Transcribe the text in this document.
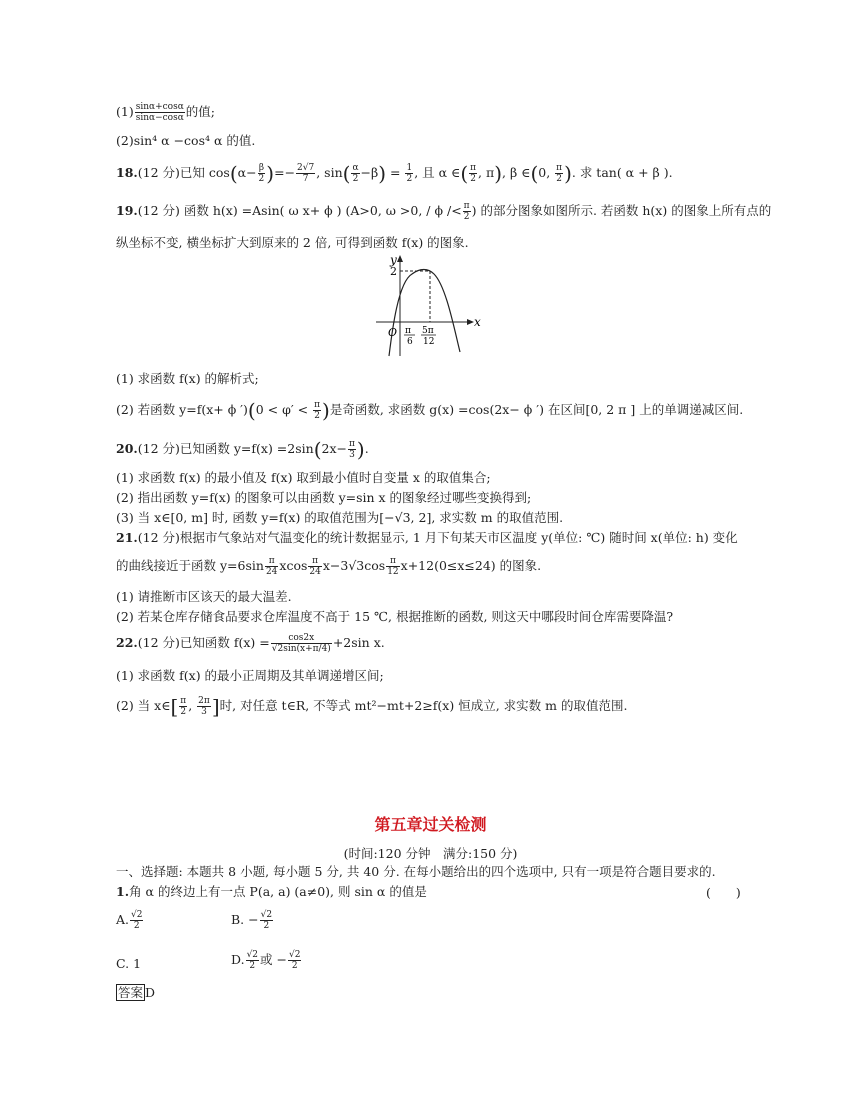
$(1) \frac{\sin\alpha+\cos\alpha}{\sin\alpha-\cos\alpha}$ 的值;
(2)sin⁴ α −cos⁴ α 的值.
18.(12 分)已知 $\cos(\alpha- \frac{\beta}{2}$ )=− $\frac{2√7}{7}$ , $\sin( \frac{\alpha}{2} -\beta) = \frac{1}{2}$ , 且 α ∈( $\frac{\pi}{2}$ , π), β ∈(0, $\frac{\pi}{2}$ ). 求 tan( α + β ).
19.(12 分) 函数 h(x) =Asin( ω x+ ϕ ) (A>0, ω >0, / $\phi /< \frac{\pi}{2}$ ) 的部分图象如图所示. 若函数 h(x) 的图象上所有点的
纵坐标不变, 横坐标扩大到原来的 2 倍, 可得到函数 f(x) 的图象.
y
x
O
2
π
6
5π
12
(1) 求函数 f(x) 的解析式;
(2) 若函数 y=f(x+ ϕ $')(0 < \varphi' < \frac{\pi}{2}$ )是奇函数, 求函数 g(x) =cos(2x− ϕ ′) 在区间[0, 2 π ] 上的单调递减区间.
20.(12 分)已知函数 $y=f(x) =2\sin(2x- \frac{\pi}{3}$ ).
(1) 求函数 f(x) 的最小值及 f(x) 取到最小值时自变量 x 的取值集合;
(2) 指出函数 y=f(x) 的图象可以由函数 y=sin x 的图象经过哪些变换得到;
(3) 当 x∈[0, m] 时, 函数 y=f(x) 的取值范围为[−√3, 2], 求实数 m 的取值范围.
21.(12 分)根据市气象站对气温变化的统计数据显示, 1 月下旬某天市区温度 y(单位: ℃) 随时间 x(单位: h) 变化
的曲线接近于函数 $y=6\sin \frac{\pi}{24}$ xcos $\frac{\pi}{24} x-3√3\cos \frac{\pi}{12} x+12(0\le x\le 24)$ 的图象.
(1) 请推断市区该天的最大温差.
(2) 若某仓库存储食品要求仓库温度不高于 15 ℃, 根据推断的函数, 则这天中哪段时间仓库需要降温?
22.(12 分)已知函数 $f(x) = \frac{\cos 2x}{√2\sin(x+\pi/4)} +2\sin$ x.
(1) 求函数 f(x) 的最小正周期及其单调递增区间;
(2) 当 x∈[ $\frac{\pi}{2}$ , $\frac{2\pi}{3}$ ]时, 对任意 t∈R, 不等式 mt²−mt+2≥f(x) 恒成立, 求实数 m 的取值范围.
第五章过关检测
(时间:120 分钟　满分:150 分)
一、选择题: 本题共 8 小题, 每小题 5 分, 共 40 分. 在每小题给出的四个选项中, 只有一项是符合题目要求的.
1.角 α 的终边上有一点 P(a, a) (a≠0), 则 sin α 的值是	(　　)
A. $\frac{√2}{2}$	B. − $\frac{√2}{2}$
C. 1	D. $\frac{√2}{2}$ 或 − $\frac{√2}{2}$
答案 D
